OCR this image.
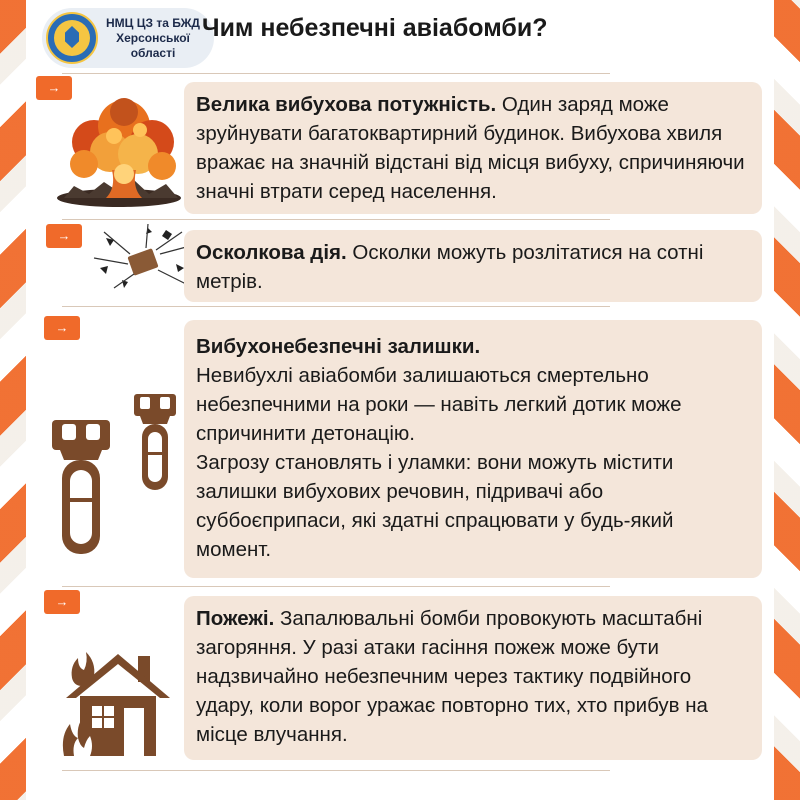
НМЦ ЦЗ та БЖД
Херсонської
області
Чим небезпечні авіабомби?
→

Велика вибухова потужність. Один заряд може зруйнувати багатоквартирний будинок. Вибухова хвиля вражає на значній відстані від місця вибуху, спричиняючи значні втрати серед населення.

→

Осколкова дія. Осколки можуть розлітатися на сотні метрів.

→

Вибухонебезпечні залишки.

Невибухлі авіабомби залишаються смертельно небезпечними на роки — навіть легкий дотик може спричинити детонацію.

Загрозу становлять і уламки: вони можуть містити залишки вибухових речовин, підривачі або суббоєприпаси, які здатні спрацювати у будь-який момент.

→

Пожежі. Запалювальні бомби провокують масштабні загоряння. У разі атаки гасіння пожеж може бути надзвичайно небезпечним через тактику подвійного удару, коли ворог уражає повторно тих, хто прибув на місце влучання.
